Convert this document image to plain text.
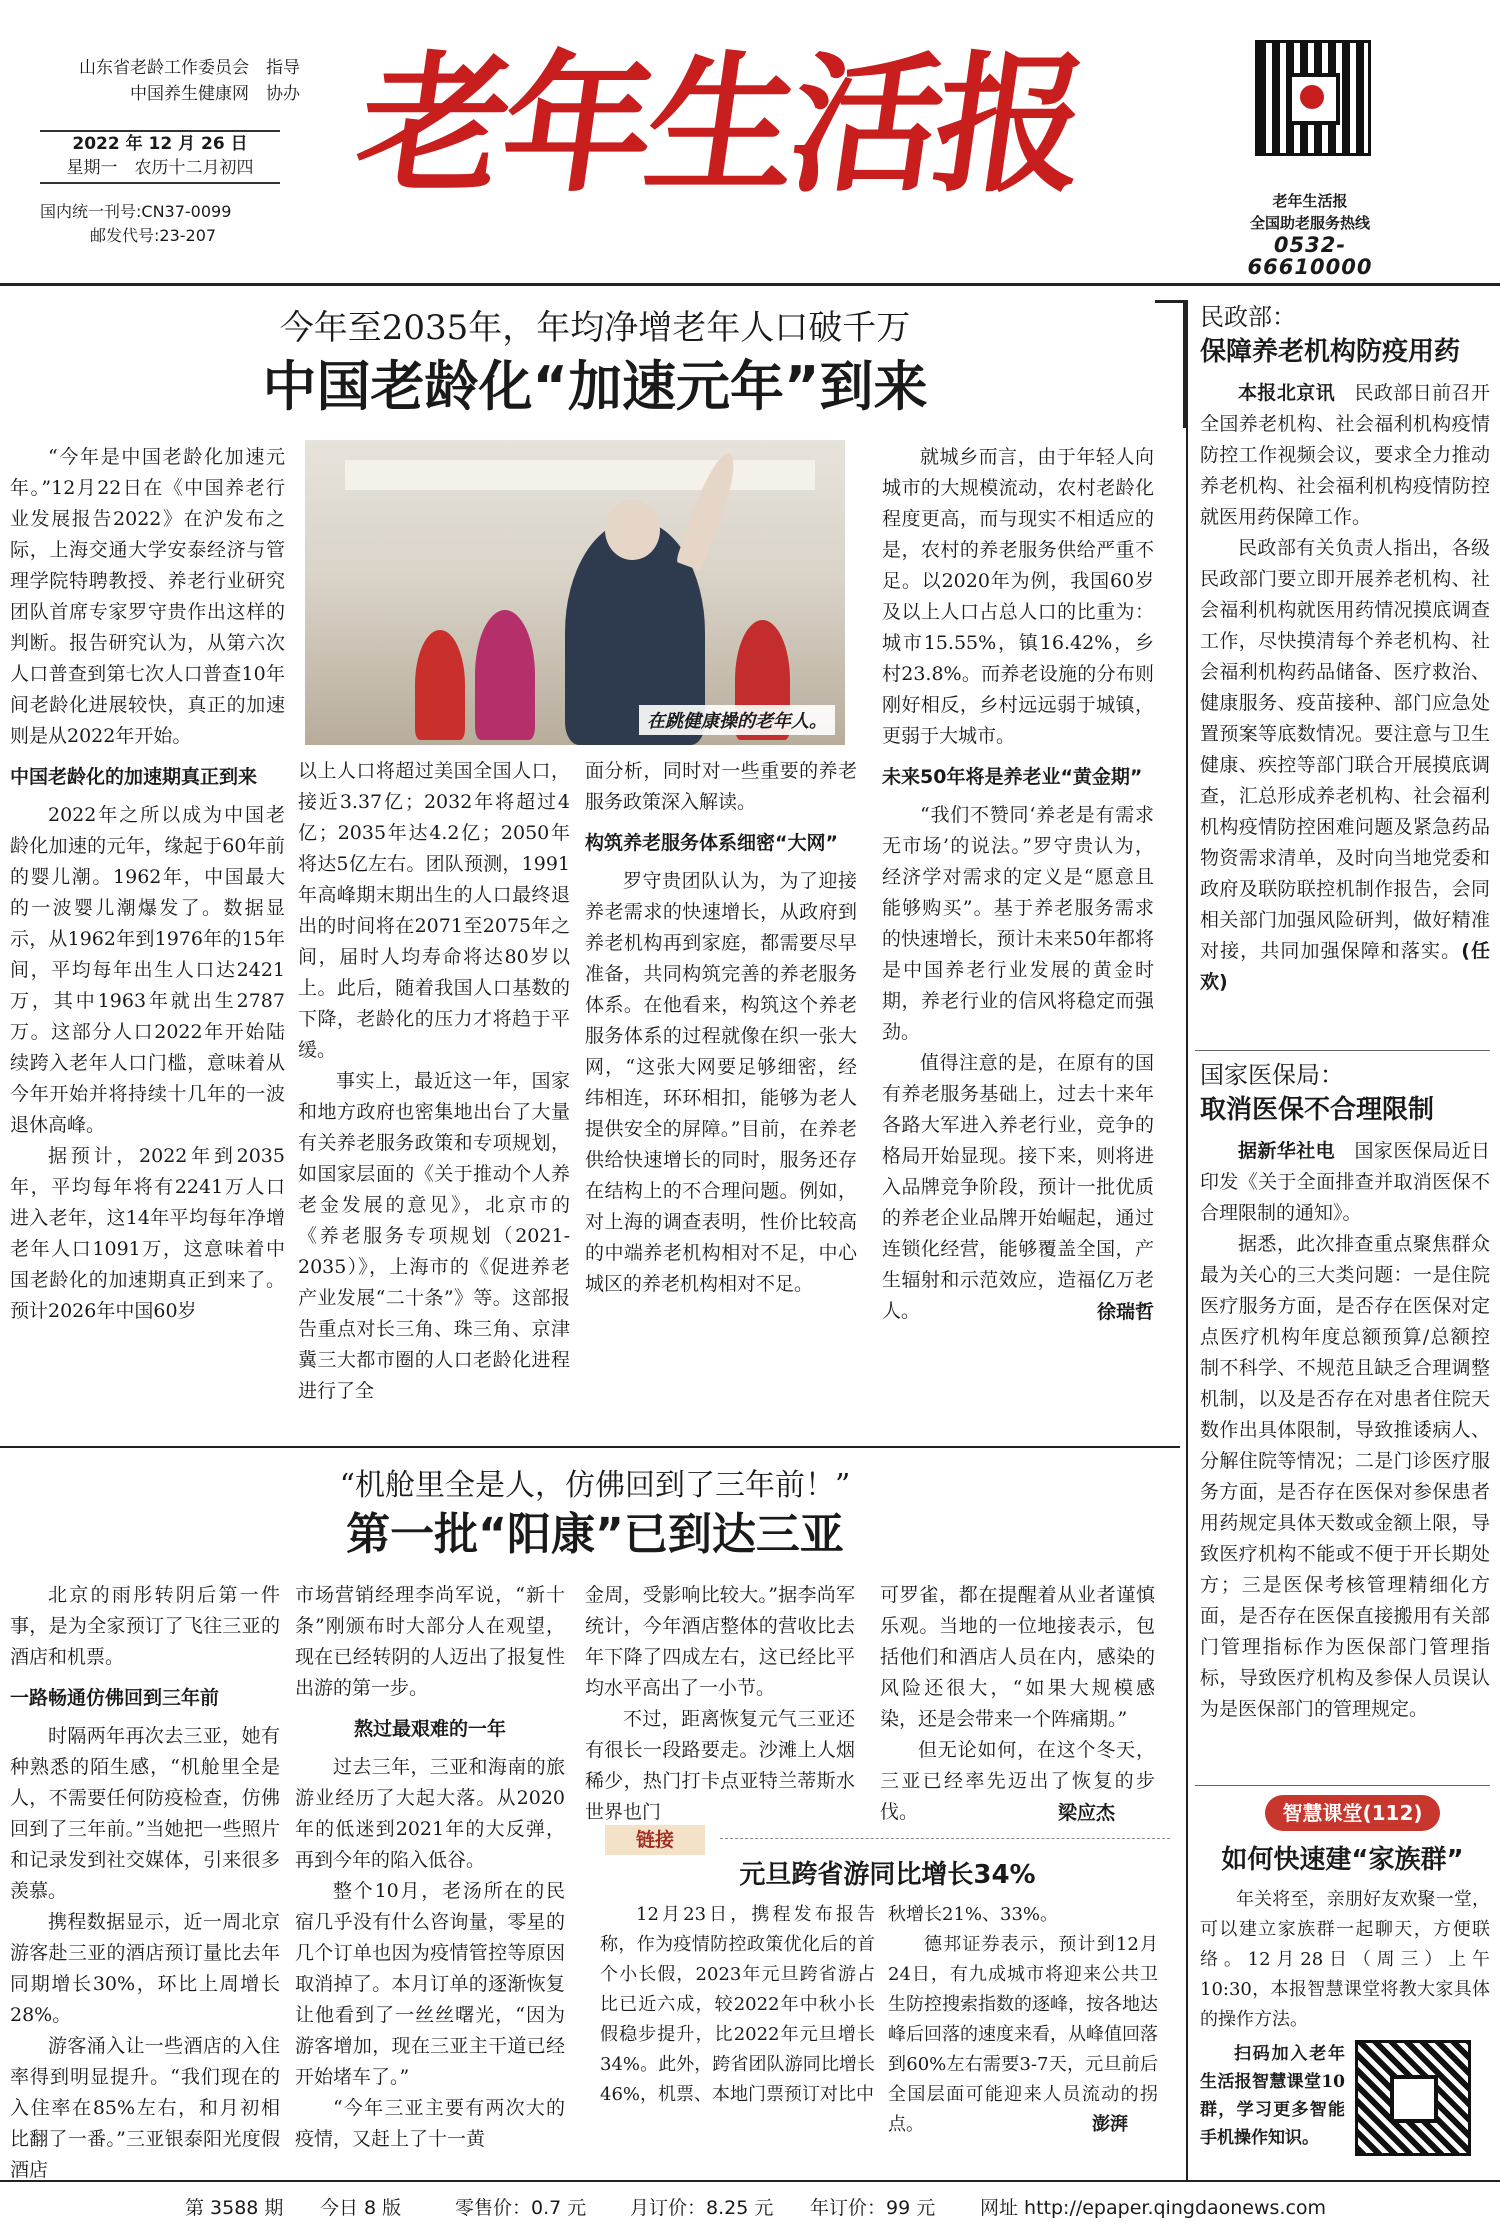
山东省老龄工作委员会　指导
中国养生健康网　协办
2022 年 12 月 26 日
星期一　农历十二月初四
国内统一刊号:CN37-0099
邮发代号:23-207
老年生活报	老年生活报
全国助老服务热线
0532-66610000
今年至2035年，年均净增老年人口破千万
中国老龄化“加速元年”到来

“今年是中国老龄化加速元年。”12月22日在《中国养老行业发展报告2022》在沪发布之际，上海交通大学安泰经济与管理学院特聘教授、养老行业研究团队首席专家罗守贵作出这样的判断。报告研究认为，从第六次人口普查到第七次人口普查10年间老龄化进展较快，真正的加速则是从2022年开始。

中国老龄化的加速期真正到来

2022年之所以成为中国老龄化加速的元年，缘起于60年前的婴儿潮。1962年，中国最大的一波婴儿潮爆发了。数据显示，从1962年到1976年的15年间，平均每年出生人口达2421万，其中1963年就出生2787万。这部分人口2022年开始陆续跨入老年人口门槛，意味着从今年开始并将持续十几年的一波退休高峰。

据预计，2022年到2035年，平均每年将有2241万人口进入老年，这14年平均每年净增老年人口1091万，这意味着中国老龄化的加速期真正到来了。预计2026年中国60岁

在跳健康操的老年人。

以上人口将超过美国全国人口，接近3.37亿；2032年将超过4亿；2035年达4.2亿；2050年将达5亿左右。团队预测，1991年高峰期末期出生的人口最终退出的时间将在2071至2075年之间，届时人均寿命将达80岁以上。此后，随着我国人口基数的下降，老龄化的压力才将趋于平缓。

事实上，最近这一年，国家和地方政府也密集地出台了大量有关养老服务政策和专项规划，如国家层面的《关于推动个人养老金发展的意见》，北京市的《养老服务专项规划（2021-2035）》，上海市的《促进养老产业发展“二十条”》等。这部报告重点对长三角、珠三角、京津冀三大都市圈的人口老龄化进程进行了全

面分析，同时对一些重要的养老服务政策深入解读。

构筑养老服务体系细密“大网”

罗守贵团队认为，为了迎接养老需求的快速增长，从政府到养老机构再到家庭，都需要尽早准备，共同构筑完善的养老服务体系。在他看来，构筑这个养老服务体系的过程就像在织一张大网，“这张大网要足够细密，经纬相连，环环相扣，能够为老人提供安全的屏障。”目前，在养老供给快速增长的同时，服务还存在结构上的不合理问题。例如，对上海的调查表明，性价比较高的中端养老机构相对不足，中心城区的养老机构相对不足。

就城乡而言，由于年轻人向城市的大规模流动，农村老龄化程度更高，而与现实不相适应的是，农村的养老服务供给严重不足。以2020年为例，我国60岁及以上人口占总人口的比重为：城市15.55%，镇16.42%，乡村23.8%。而养老设施的分布则刚好相反，乡村远远弱于城镇，更弱于大城市。

未来50年将是养老业“黄金期”

“我们不赞同‘养老是有需求无市场’的说法。”罗守贵认为，经济学对需求的定义是“愿意且能够购买”。基于养老服务需求的快速增长，预计未来50年都将是中国养老行业发展的黄金时期，养老行业的信风将稳定而强劲。

值得注意的是，在原有的国有养老服务基础上，过去十来年各路大军进入养老行业，竞争的格局开始显现。接下来，则将进入品牌竞争阶段，预计一批优质的养老企业品牌开始崛起，通过连锁化经营，能够覆盖全国，产生辐射和示范效应，造福亿万老人。	徐瑞哲
“机舱里全是人，仿佛回到了三年前！”
第一批“阳康”已到达三亚

北京的雨彤转阴后第一件事，是为全家预订了飞往三亚的酒店和机票。

一路畅通仿佛回到三年前

时隔两年再次去三亚，她有种熟悉的陌生感，“机舱里全是人，不需要任何防疫检查，仿佛回到了三年前。”当她把一些照片和记录发到社交媒体，引来很多羡慕。

携程数据显示，近一周北京游客赴三亚的酒店预订量比去年同期增长30%，环比上周增长28%。

游客涌入让一些酒店的入住率得到明显提升。“我们现在的入住率在85%左右，和月初相比翻了一番。”三亚银泰阳光度假酒店

市场营销经理李尚军说，“新十条”刚颁布时大部分人在观望，现在已经转阴的人迈出了报复性出游的第一步。

熬过最艰难的一年

过去三年，三亚和海南的旅游业经历了大起大落。从2020年的低迷到2021年的大反弹，再到今年的陷入低谷。

整个10月，老汤所在的民宿几乎没有什么咨询量，零星的几个订单也因为疫情管控等原因取消掉了。本月订单的逐渐恢复让他看到了一丝丝曙光，“因为游客增加，现在三亚主干道已经开始堵车了。”

“今年三亚主要有两次大的疫情，又赶上了十一黄

金周，受影响比较大。”据李尚军统计，今年酒店整体的营收比去年下降了四成左右，这已经比平均水平高出了一小节。

不过，距离恢复元气三亚还有很长一段路要走。沙滩上人烟稀少，热门打卡点亚特兰蒂斯水世界也门

可罗雀，都在提醒着从业者谨慎乐观。当地的一位地接表示，包括他们和酒店人员在内，感染的风险还很大，“如果大规模感染，还是会带来一个阵痛期。”

但无论如何，在这个冬天，三亚已经率先迈出了恢复的步伐。	梁应杰
链接
元旦跨省游同比增长34%

12月23日，携程发布报告称，作为疫情防控政策优化后的首个小长假，2023年元旦跨省游占比已近六成，较2022年中秋小长假稳步提升，比2022年元旦增长34%。此外，跨省团队游同比增长46%，机票、本地门票预订对比中

秋增长21%、33%。

德邦证券表示，预计到12月24日，有九成城市将迎来公共卫生防控搜索指数的逐峰，按各地达峰后回落的速度来看，从峰值回落到60%左右需要3-7天，元旦前后全国层面可能迎来人员流动的拐点。	澎湃
民政部：
保障养老机构防疫用药

本报北京讯　 民政部日前召开全国养老机构、社会福利机构疫情防控工作视频会议，要求全力推动养老机构、社会福利机构疫情防控就医用药保障工作。

民政部有关负责人指出，各级民政部门要立即开展养老机构、社会福利机构就医用药情况摸底调查工作，尽快摸清每个养老机构、社会福利机构药品储备、医疗救治、健康服务、疫苗接种、部门应急处置预案等底数情况。要注意与卫生健康、疾控等部门联合开展摸底调查，汇总形成养老机构、社会福利机构疫情防控困难问题及紧急药品物资需求清单，及时向当地党委和政府及联防联控机制作报告，会同相关部门加强风险研判，做好精准对接，共同加强保障和落实。(任欢)

国家医保局：
取消医保不合理限制

据新华社电　 国家医保局近日印发《关于全面排查并取消医保不合理限制的通知》。

据悉，此次排查重点聚焦群众最为关心的三大类问题：一是住院医疗服务方面，是否存在医保对定点医疗机构年度总额预算/总额控制不科学、不规范且缺乏合理调整机制，以及是否存在对患者住院天数作出具体限制，导致推诿病人、分解住院等情况；二是门诊医疗服务方面，是否存在医保对参保患者用药规定具体天数或金额上限，导致医疗机构不能或不便于开长期处方；三是医保考核管理精细化方面，是否存在医保直接搬用有关部门管理指标作为医保部门管理指标，导致医疗机构及参保人员误认为是医保部门的管理规定。

智慧课堂(112)
如何快速建“家族群”

年关将至，亲朋好友欢聚一堂，可以建立家族群一起聊天，方便联络。12月28日（周三）上午10:30，本报智慧课堂将教大家具体的操作方法。

扫码加入老年生活报智慧课堂10群，学习更多智能手机操作知识。

第 3588 期 今日 8 版	零售价：0.7 元 月订价：8.25 元 年订价：99 元 网址 http://epaper.qingdaonews.com
